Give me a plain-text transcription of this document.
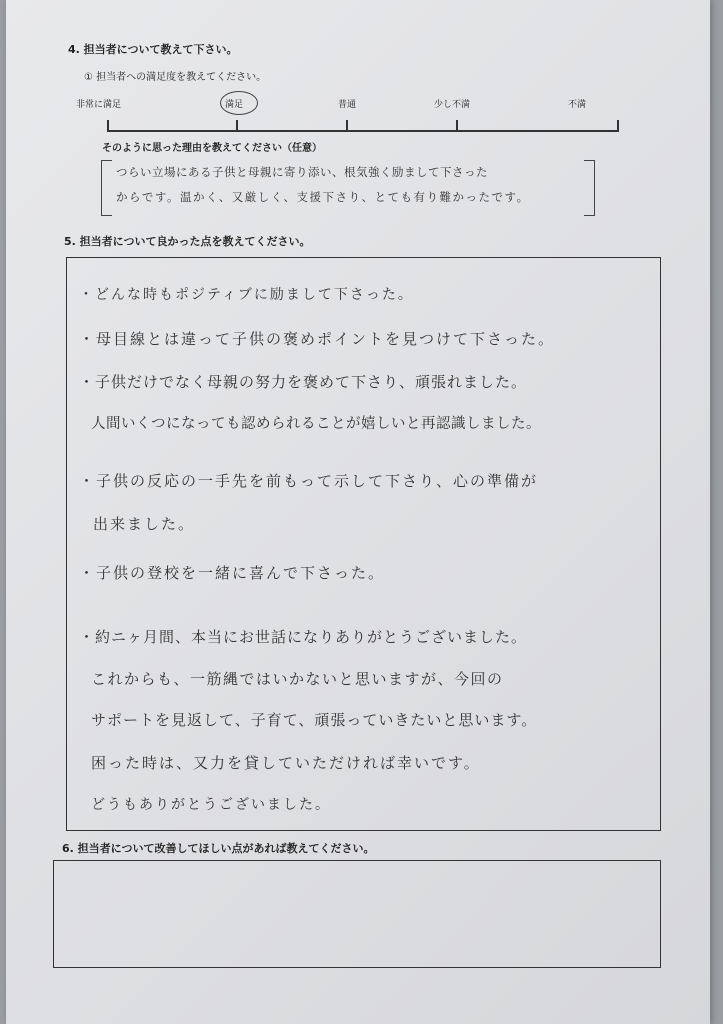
4. 担当者について教えて下さい。
① 担当者への満足度を教えてください。
非常に満足	満足	普通	少し不満	不満
そのように思った理由を教えてください（任意）
つらい立場にある子供と母親に寄り添い、根気強く励まして下さった
からです。温かく、又厳しく、支援下さり、とても有り難かったです。
5. 担当者について良かった点を教えてください。
・どんな時もポジティブに励まして下さった。
・母目線とは違って子供の褒めポイントを見つけて下さった。
・子供だけでなく母親の努力を褒めて下さり、頑張れました。
人間いくつになっても認められることが嬉しいと再認識しました。
・子供の反応の一手先を前もって示して下さり、心の準備が
出来ました。
・子供の登校を一緒に喜んで下さった。
・約ニヶ月間、本当にお世話になりありがとうございました。
これからも、一筋縄ではいかないと思いますが、今回の
サポートを見返して、子育て、頑張っていきたいと思います。
困った時は、又力を貸していただければ幸いです。
どうもありがとうございました。
6. 担当者について改善してほしい点があれば教えてください。
